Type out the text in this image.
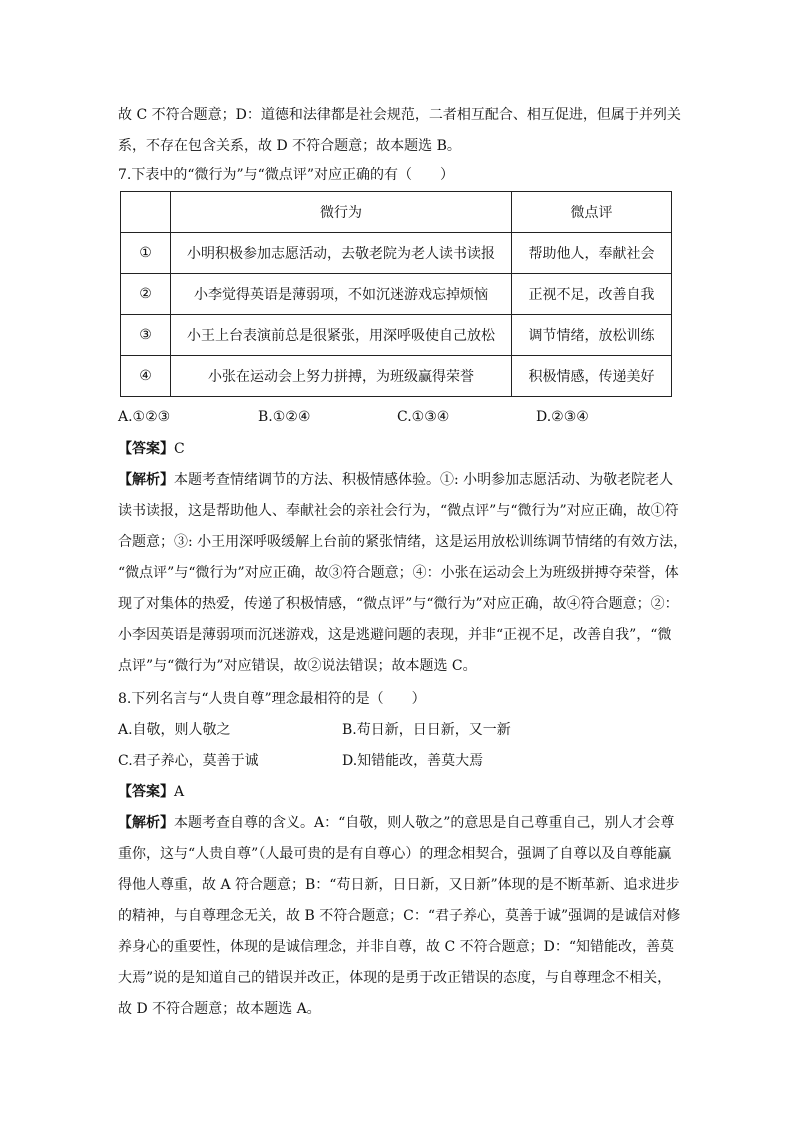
故 C 不符合题意；D：道德和法律都是社会规范，二者相互配合、相互促进，但属于并列关

系，不存在包含关系，故 D 不符合题意；故本题选 B。

7.下表中的“微行为”与“微点评”对应正确的有（　　）

	微行为	微点评
①	小明积极参加志愿活动，去敬老院为老人读书读报	帮助他人，奉献社会
②	小李觉得英语是薄弱项，不如沉迷游戏忘掉烦恼	正视不足，改善自我
③	小王上台表演前总是很紧张，用深呼吸使自己放松	调节情绪，放松训练
④	小张在运动会上努力拼搏，为班级赢得荣誉	积极情感，传递美好
A.①②③	B.①②④	C.①③④	D.②③④

【答案】C

【解析】本题考查情绪调节的方法、积极情感体验。①: 小明参加志愿活动、为敬老院老人

读书读报，这是帮助他人、奉献社会的亲社会行为，“微点评”与“微行为”对应正确，故①符

合题意；③: 小王用深呼吸缓解上台前的紧张情绪，这是运用放松训练调节情绪的有效方法，

“微点评”与“微行为”对应正确，故③符合题意；④：小张在运动会上为班级拼搏夺荣誉，体

现了对集体的热爱，传递了积极情感，“微点评”与“微行为”对应正确，故④符合题意；②：

小李因英语是薄弱项而沉迷游戏，这是逃避问题的表现，并非“正视不足，改善自我”，“微

点评”与“微行为”对应错误，故②说法错误；故本题选 C。

8.下列名言与“人贵自尊”理念最相符的是（　　）

A.自敬，则人敬之	B.苟日新，日日新，又一新
C.君子养心，莫善于诚	D.知错能改，善莫大焉

【答案】A

【解析】本题考查自尊的含义。A：“自敬，则人敬之”的意思是自己尊重自己，别人才会尊

重你，这与“人贵自尊”（人最可贵的是有自尊心）的理念相契合，强调了自尊以及自尊能赢

得他人尊重，故 A 符合题意；B：“苟日新，日日新，又日新”体现的是不断革新、追求进步

的精神，与自尊理念无关，故 B 不符合题意；C：“君子养心，莫善于诚”强调的是诚信对修

养身心的重要性，体现的是诚信理念，并非自尊，故 C 不符合题意；D：“知错能改，善莫

大焉”说的是知道自己的错误并改正，体现的是勇于改正错误的态度，与自尊理念不相关，

故 D 不符合题意；故本题选 A。
